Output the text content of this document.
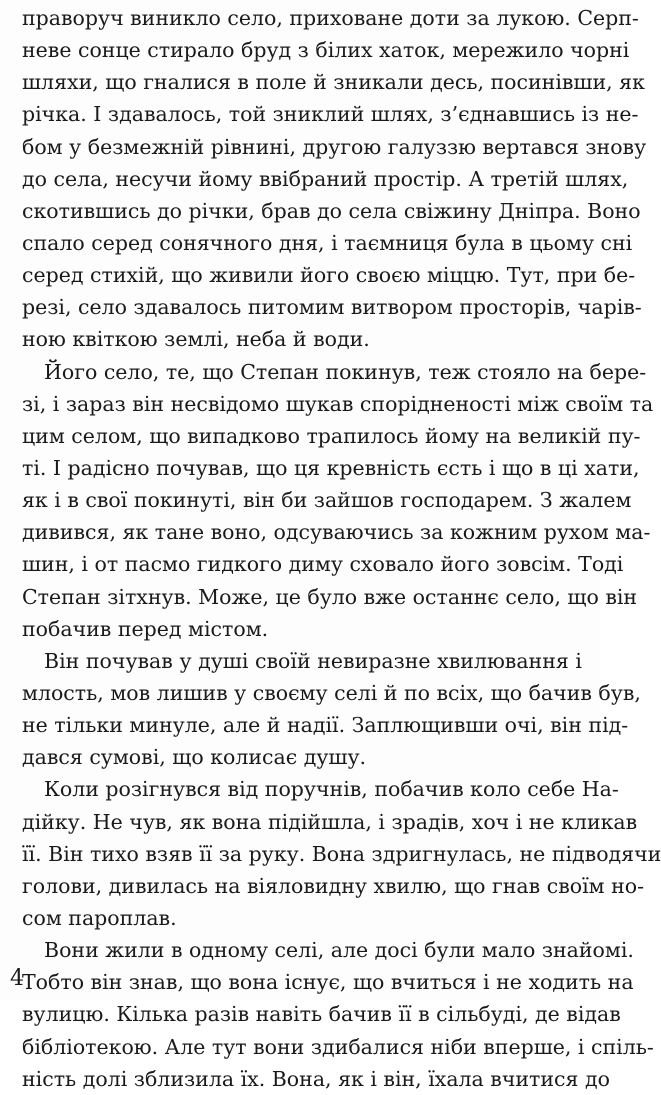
праворуч виникло село, приховане доти за лукою. Серп-
неве сонце стирало бруд з білих хаток, мережило чорні
шляхи, що гналися в поле й зникали десь, посинівши, як
річка. І здавалось, той зниклий шлях, з’єднавшись із не-
бом у безмежній рівнині, другою галуззю вертався знову
до села, несучи йому ввібраний простір. А третій шлях,
скотившись до річки, брав до села свіжину Дніпра. Воно
спало серед сонячного дня, і таємниця була в цьому сні
серед стихій, що живили його своєю міццю. Тут, при бе-
резі, село здавалось питомим витвором просторів, чарів-
ною квіткою землі, неба й води.
Його село, те, що Степан покинув, теж стояло на бере-
зі, і зараз він несвідомо шукав спорідненості між своїм та
цим селом, що випадково трапилось йому на великій пу-
ті. І радісно почував, що ця кревність єсть і що в ці хати,
як і в свої покинуті, він би зайшов господарем. З жалем
дивився, як тане воно, одсуваючись за кожним рухом ма-
шин, і от пасмо гидкого диму сховало його зовсім. Тоді
Степан зітхнув. Може, це було вже останнє село, що він
побачив перед містом.
Він почував у душі своїй невиразне хвилювання і
млость, мов лишив у своєму селі й по всіх, що бачив був,
не тільки минуле, але й надії. Заплющивши очі, він під-
дався сумові, що колисає душу.
Коли розігнувся від поручнів, побачив коло себе На-
дійку. Не чув, як вона підійшла, і зрадів, хоч і не кликав
її. Він тихо взяв її за руку. Вона здригнулась, не підводячи
голови, дивилась на віяловидну хвилю, що гнав своїм но-
сом пароплав.
Вони жили в одному селі, але досі були мало знайомі.
Тобто він знав, що вона існує, що вчиться і не ходить на
вулицю. Кілька разів навіть бачив її в сільбуді, де відав
бібліотекою. Але тут вони здибалися ніби вперше, і спіль-
ність долі зблизила їх. Вона, як і він, їхала вчитися до
4
